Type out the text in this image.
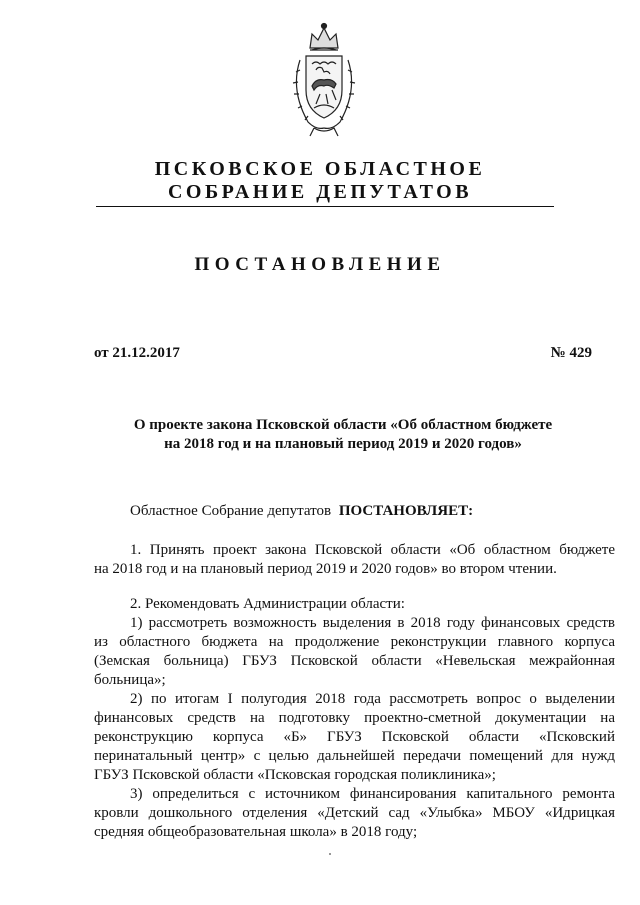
ПСКОВСКОЕ ОБЛАСТНОЕ
СОБРАНИЕ ДЕПУТАТОВ
ПОСТАНОВЛЕНИЕ
от 21.12.2017	№ 429
О проекте закона Псковской области «Об областном бюджете
на 2018 год и на плановый период 2019 и 2020 годов»
Областное Собрание депутатов ПОСТАНОВЛЯЕТ:
1. Принять проект закона Псковской области «Об областном бюджете
на 2018 год и на плановый период 2019 и 2020 годов» во втором чтении.
2. Рекомендовать Администрации области:
1) рассмотреть возможность выделения в 2018 году финансовых средств
из областного бюджета на продолжение реконструкции главного корпуса
(Земская больница) ГБУЗ Псковской области «Невельская межрайонная
больница»;
2) по итогам I полугодия 2018 года рассмотреть вопрос о выделении
финансовых средств на подготовку проектно-сметной документации на
реконструкцию корпуса «Б» ГБУЗ Псковской области «Псковский
перинатальный центр» с целью дальнейшей передачи помещений для нужд
ГБУЗ Псковской области «Псковская городская поликлиника»;
3) определиться с источником финансирования капитального ремонта
кровли дошкольного отделения «Детский сад «Улыбка» МБОУ «Идрицкая
средняя общеобразовательная школа» в 2018 году;
